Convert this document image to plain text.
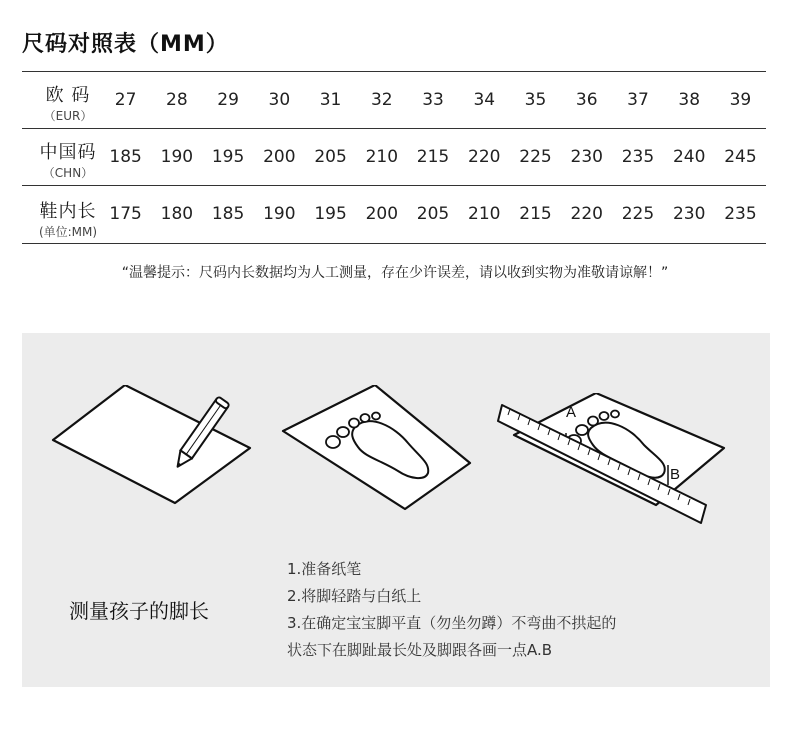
尺码对照表（MM）
欧 码
（EUR）
27	28	29	30	31	32	33	34	35	36	37	38	39
中国码
（CHN）
185	190	195	200	205	210	215	220	225	230	235	240	245
鞋内长
(单位:MM)
175	180	185	190	195	200	205	210	215	220	225	230	235
“温馨提示：尺码内长数据均为人工测量，存在少许误差，请以收到实物为准敬请谅解！”
A
B
测量孩子的脚长
1.准备纸笔
2.将脚轻踏与白纸上
3.在确定宝宝脚平直（勿坐勿蹲）不弯曲不拱起的
状态下在脚趾最长处及脚跟各画一点A.B
